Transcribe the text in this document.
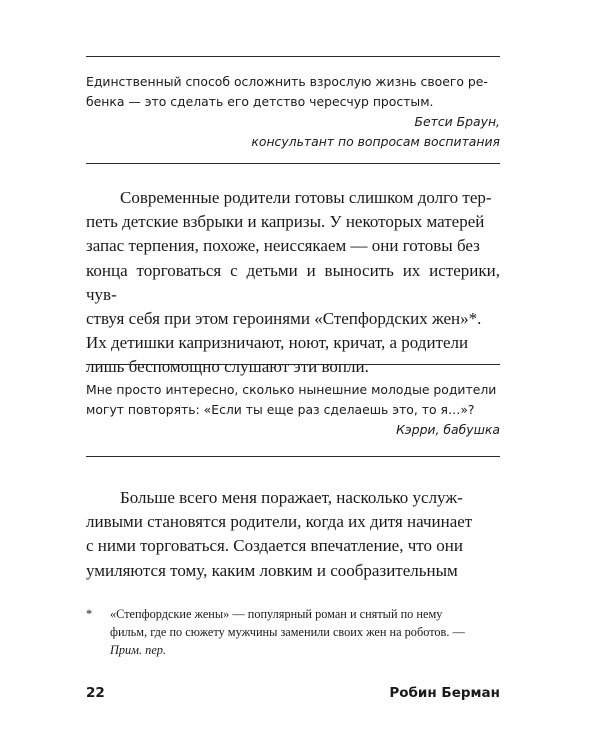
Единственный способ осложнить взрослую жизнь своего ре-

бенка — это сделать его детство чересчур простым.

Бетси Браун,

консультант по вопросам воспитания

Современные родители готовы слишком долго тер-
петь детские взбрыки и капризы. У некоторых матерей
запас терпения, похоже, неиссякаем — они готовы без
конца торговаться с детьми и выносить их истерики, чув-
ствуя себя при этом героинями «Степфордских жен»*.
Их детишки капризничают, ноют, кричат, а родители
лишь беспомощно слушают эти вопли.

Мне просто интересно, сколько нынешние молодые родители

могут повторять: «Если ты еще раз сделаешь это, то я…»?

Кэрри, бабушка

Больше всего меня поражает, насколько услуж-
ливыми становятся родители, когда их дитя начинает
с ними торговаться. Создается впечатление, что они
умиляются тому, каким ловким и сообразительным
* «Степфордские жены» — популярный роман и снятый по нему
фильм, где по сюжету мужчины заменили своих жен на роботов. —
Прим. пер.
22	Робин Берман
